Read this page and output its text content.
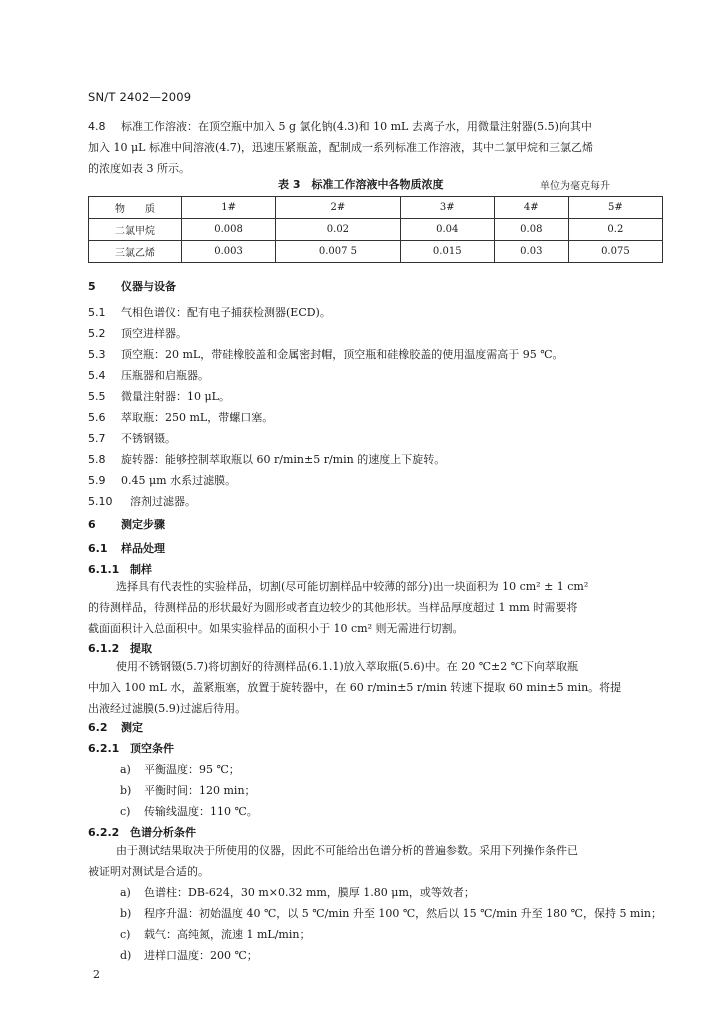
SN/T 2402—2009
4.8 标准工作溶液：在顶空瓶中加入 5 g 氯化钠(4.3)和 10 mL 去离子水，用微量注射器(5.5)向其中
加入 10 μL 标准中间溶液(4.7)，迅速压紧瓶盖，配制成一系列标准工作溶液，其中二氯甲烷和三氯乙烯
的浓度如表 3 所示。
表 3　标准工作溶液中各物质浓度	单位为毫克每升
物　　质	1#	2#	3#	4#	5#
二氯甲烷	0.008	0.02	0.04	0.08	0.2
三氯乙烯	0.003	0.007 5	0.015	0.03	0.075
5 仪器与设备
5.1 气相色谱仪：配有电子捕获检测器(ECD)。
5.2 顶空进样器。
5.3 顶空瓶：20 mL，带硅橡胶盖和金属密封帽，顶空瓶和硅橡胶盖的使用温度需高于 95 ℃。
5.4 压瓶器和启瓶器。
5.5 微量注射器：10 μL。
5.6 萃取瓶：250 mL，带螺口塞。
5.7 不锈钢镊。
5.8 旋转器：能够控制萃取瓶以 60 r/min±5 r/min 的速度上下旋转。
5.9 0.45 μm 水系过滤膜。
5.10 溶剂过滤器。
6 测定步骤
6.1 样品处理
6.1.1 制样
选择具有代表性的实验样品，切割(尽可能切割样品中较薄的部分)出一块面积为 10 cm² ± 1 cm²
的待测样品，待测样品的形状最好为圆形或者直边较少的其他形状。当样品厚度超过 1 mm 时需要将
截面面积计入总面积中。如果实验样品的面积小于 10 cm² 则无需进行切割。
6.1.2 提取
使用不锈钢镊(5.7)将切割好的待测样品(6.1.1)放入萃取瓶(5.6)中。在 20 ℃±2 ℃下向萃取瓶
中加入 100 mL 水，盖紧瓶塞，放置于旋转器中，在 60 r/min±5 r/min 转速下提取 60 min±5 min。将提
出液经过滤膜(5.9)过滤后待用。
6.2 测定
6.2.1 顶空条件
a) 平衡温度：95 ℃；
b) 平衡时间：120 min；
c) 传输线温度：110 ℃。
6.2.2 色谱分析条件
由于测试结果取决于所使用的仪器，因此不可能给出色谱分析的普遍参数。采用下列操作条件已
被证明对测试是合适的。
a) 色谱柱：DB-624，30 m×0.32 mm，膜厚 1.80 μm，或等效者；
b) 程序升温：初始温度 40 ℃，以 5 ℃/min 升至 100 ℃，然后以 15 ℃/min 升至 180 ℃，保持 5 min；
c) 载气：高纯氮，流速 1 mL/min；
d) 进样口温度：200 ℃；
2
